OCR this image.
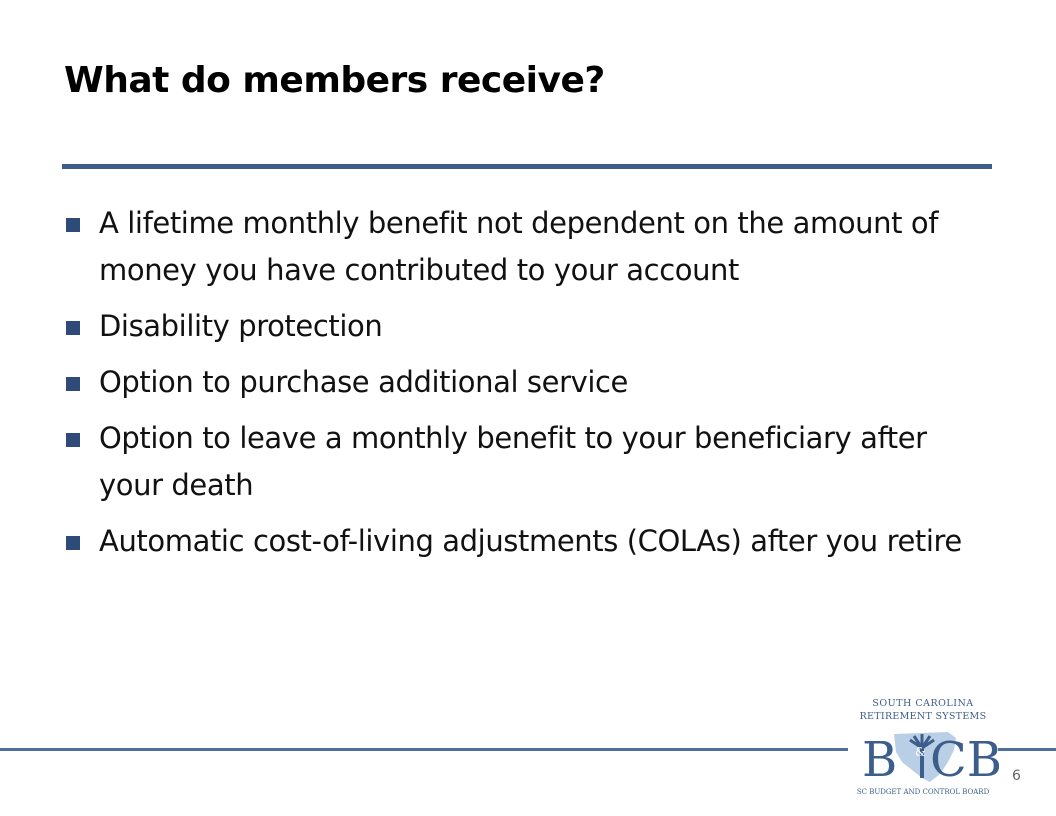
What do members receive?
A lifetime monthly benefit not dependent on the amount of money you have contributed to your account
Disability protection
Option to purchase additional service
Option to leave a monthly benefit to your beneficiary after your death
Automatic cost-of-living adjustments (COLAs) after you retire
SOUTH CAROLINA
RETIREMENT SYSTEMS
B & CB
SC BUDGET AND CONTROL BOARD
6
